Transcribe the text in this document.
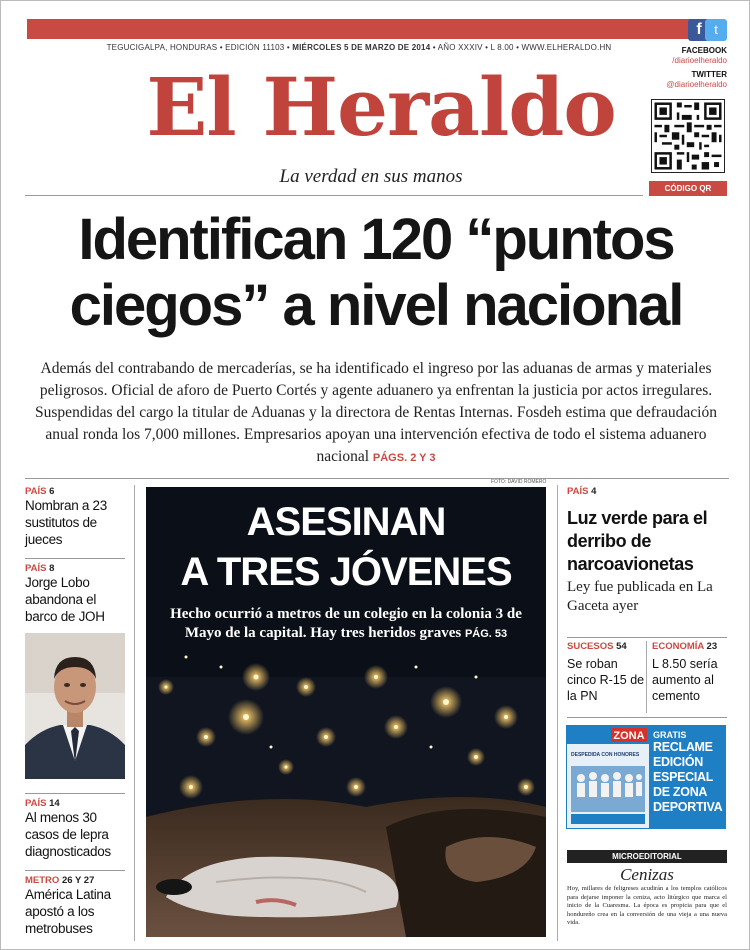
f t
TEGUCIGALPA, HONDURAS • EDICIÓN 11103 • MIÉRCOLES 5 DE MARZO DE 2014 • AÑO XXXIV • L 8.00 • WWW.ELHERALDO.HN	FACEBOOK
/diarioelheraldo
TWITTER
@diarioelheraldo
El Heraldo
La verdad en sus manos
CÓDIGO QR
Identifican 120 “puntos
ciegos” a nivel nacional
Además del contrabando de mercaderías, se ha identificado el ingreso por las aduanas de armas y materiales peligrosos. Oficial de aforo de Puerto Cortés y agente aduanero ya enfrentan la justicia por actos irregulares. Suspendidas del cargo la titular de Aduanas y la directora de Rentas Internas. Fosdeh estima que defraudación anual ronda los 7,000 millones. Empresarios apoyan una intervención efectiva de todo el sistema aduanero nacional PÁGS. 2 Y 3
PAÍS 6
Nombran a 23 sustitutos de jueces
PAÍS 8
Jorge Lobo abandona el barco de JOH
PAÍS 14
Al menos 30 casos de lepra diagnosticados
METRO 26 Y 27
América Latina apostó a los metrobuses
FOTO: DAVID ROMERO
ASESINAN
A TRES JÓVENES
Hecho ocurrió a metros de un colegio en la colonia 3 de Mayo de la capital. Hay tres heridos graves PÁG. 53
PAÍS 4
Luz verde para el derribo de narcoavionetas
Ley fue publicada en La Gaceta ayer
SUCESOS 54
Se roban cinco R-15 de la PN
ECONOMÍA 23
L 8.50 sería aumento al cemento
ZONA
DESPEDIDA CON HONORES
GRATIS
RECLAME EDICIÓN ESPECIAL DE ZONA DEPORTIVA
MICROEDITORIAL
Cenizas
Hoy, millares de feligreses acudirán a los templos católicos para dejarse imponer la ceniza, acto litúrgico que marca el inicio de la Cuaresma. La época es propicia para que el hondureño crea en la conversión de una vieja a una nueva vida.
